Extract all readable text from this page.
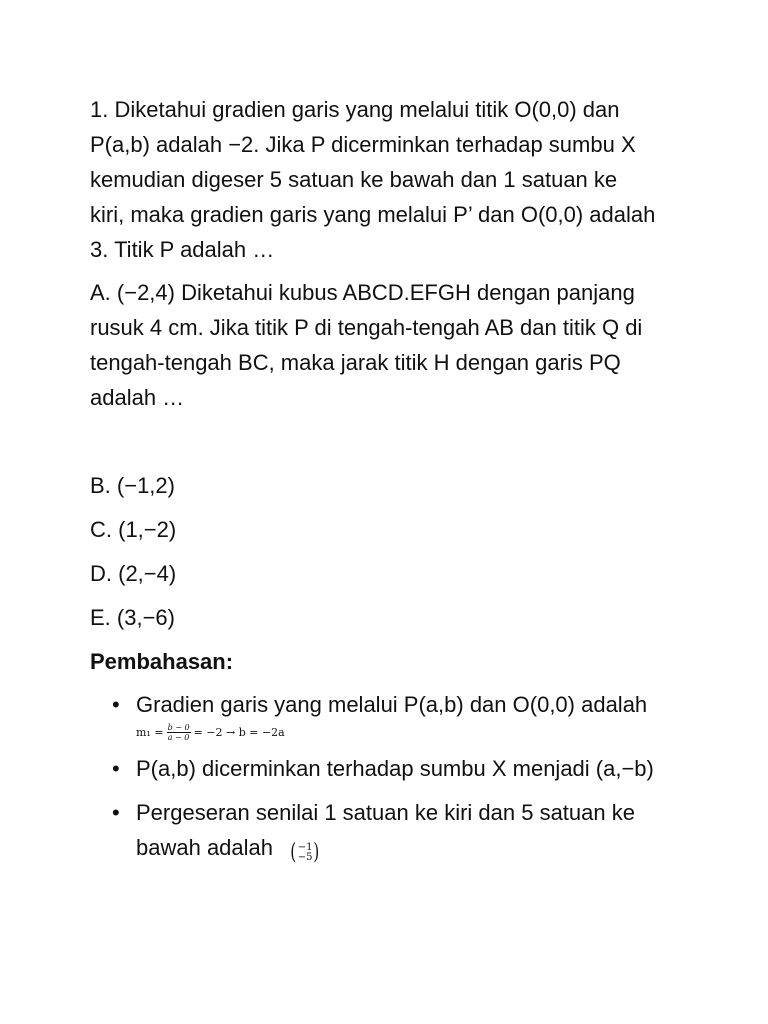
1. Diketahui gradien garis yang melalui titik O(0,0) dan

P(a,b) adalah −2. Jika P dicerminkan terhadap sumbu X

kemudian digeser 5 satuan ke bawah dan 1 satuan ke

kiri, maka gradien garis yang melalui P’ dan O(0,0) adalah

3. Titik P adalah …

A. (−2,4) Diketahui kubus ABCD.EFGH dengan panjang

rusuk 4 cm. Jika titik P di tengah-tengah AB dan titik Q di

tengah-tengah BC, maka jarak titik H dengan garis PQ

adalah …

B. (−1,2)

C. (1,−2)

D. (2,−4)

E. (3,−6)

Pembahasan:

• Gradien garis yang melalui P(a,b) dan O(0,0) adalah
$m_1 = \frac{b - 0}{a - 0} = -2 \to b = -2a$
• P(a,b) dicerminkan terhadap sumbu X menjadi (a,−b)
• Pergeseran senilai 1 satuan ke kiri dan 5 satuan ke
bawah adalah ( −1
−5 )
